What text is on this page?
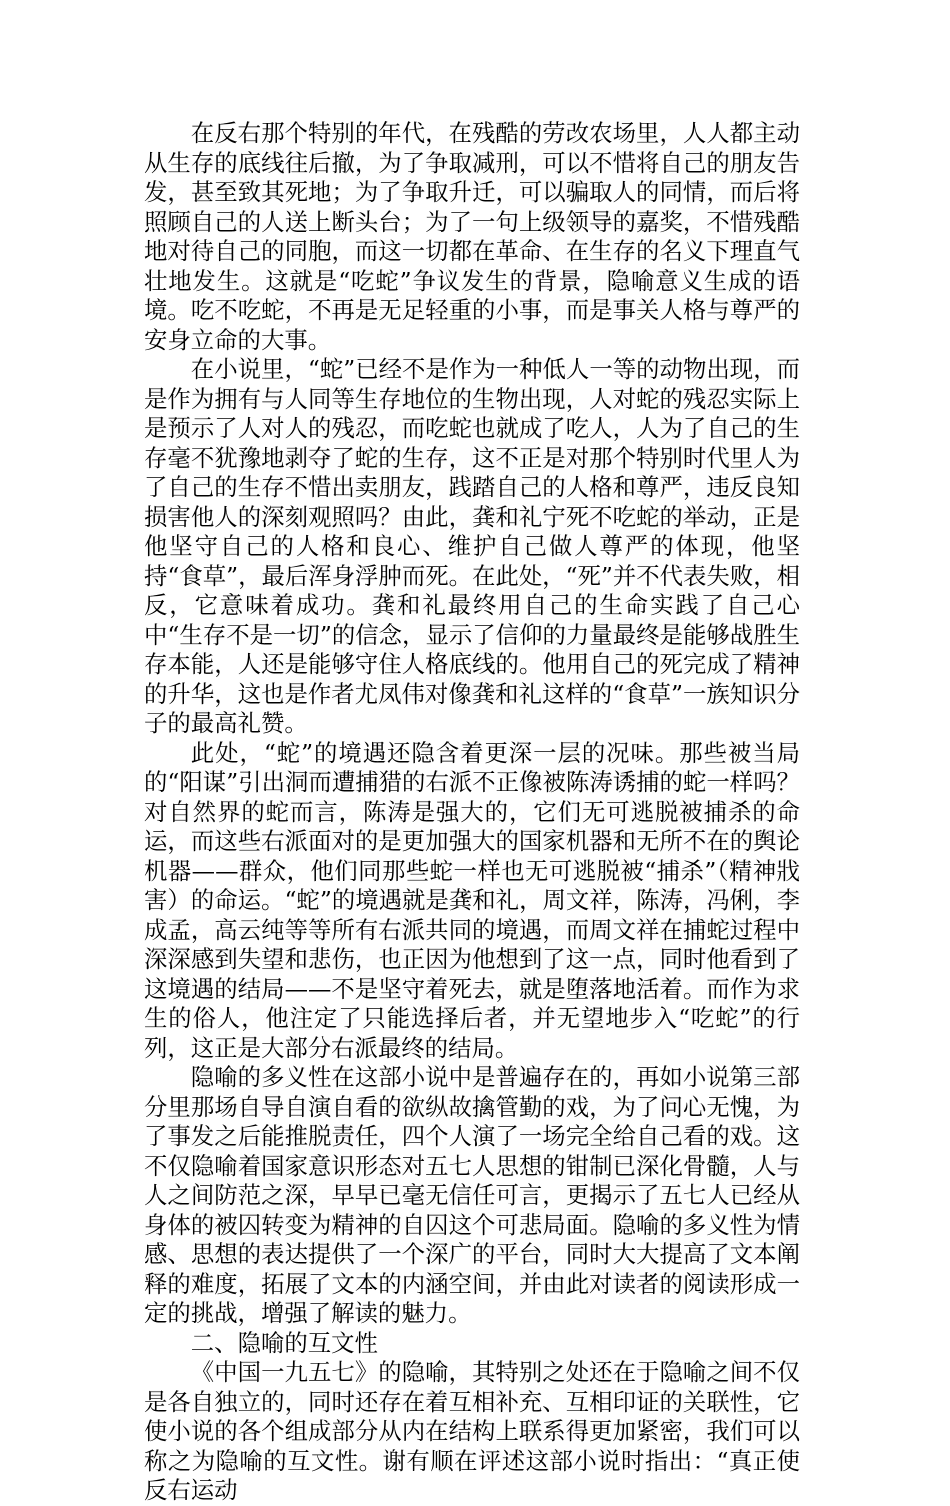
在反右那个特别的年代，在残酷的劳改农场里，人人都主动从生存的底线往后撤，为了争取减刑，可以不惜将自己的朋友告发，甚至致其死地；为了争取升迁，可以骗取人的同情，而后将照顾自己的人送上断头台；为了一句上级领导的嘉奖，不惜残酷地对待自己的同胞，而这一切都在革命、在生存的名义下理直气壮地发生。这就是“吃蛇”争议发生的背景，隐喻意义生成的语境。吃不吃蛇，不再是无足轻重的小事，而是事关人格与尊严的安身立命的大事。

在小说里，“蛇”已经不是作为一种低人一等的动物出现，而是作为拥有与人同等生存地位的生物出现，人对蛇的残忍实际上是预示了人对人的残忍，而吃蛇也就成了吃人，人为了自己的生存毫不犹豫地剥夺了蛇的生存，这不正是对那个特别时代里人为了自己的生存不惜出卖朋友，践踏自己的人格和尊严，违反良知损害他人的深刻观照吗？由此，龚和礼宁死不吃蛇的举动，正是他坚守自己的人格和良心、维护自己做人尊严的体现，他坚持“食草”，最后浑身浮肿而死。在此处，“死”并不代表失败，相反，它意味着成功。龚和礼最终用自己的生命实践了自己心中“生存不是一切”的信念，显示了信仰的力量最终是能够战胜生存本能，人还是能够守住人格底线的。他用自己的死完成了精神的升华，这也是作者尤凤伟对像龚和礼这样的“食草”一族知识分子的最高礼赞。

此处，“蛇”的境遇还隐含着更深一层的况味。那些被当局的“阳谋”引出洞而遭捕猎的右派不正像被陈涛诱捕的蛇一样吗？对自然界的蛇而言，陈涛是强大的，它们无可逃脱被捕杀的命运，而这些右派面对的是更加强大的国家机器和无所不在的舆论机器——群众，他们同那些蛇一样也无可逃脱被“捕杀”（精神戕害）的命运。“蛇”的境遇就是龚和礼，周文祥，陈涛，冯俐，李成孟，高云纯等等所有右派共同的境遇，而周文祥在捕蛇过程中深深感到失望和悲伤，也正因为他想到了这一点，同时他看到了这境遇的结局——不是坚守着死去，就是堕落地活着。而作为求生的俗人，他注定了只能选择后者，并无望地步入“吃蛇”的行列，这正是大部分右派最终的结局。

隐喻的多义性在这部小说中是普遍存在的，再如小说第三部分里那场自导自演自看的欲纵故擒管勤的戏，为了问心无愧，为了事发之后能推脱责任，四个人演了一场完全给自己看的戏。这不仅隐喻着国家意识形态对五七人思想的钳制已深化骨髓，人与人之间防范之深，早早已毫无信任可言，更揭示了五七人已经从身体的被囚转变为精神的自囚这个可悲局面。隐喻的多义性为情感、思想的表达提供了一个深广的平台，同时大大提高了文本阐释的难度，拓展了文本的内涵空间，并由此对读者的阅读形成一定的挑战，增强了解读的魅力。

二、隐喻的互文性

《中国一九五七》的隐喻，其特别之处还在于隐喻之间不仅是各自独立的，同时还存在着互相补充、互相印证的关联性，它使小说的各个组成部分从内在结构上联系得更加紧密，我们可以称之为隐喻的互文性。谢有顺在评述这部小说时指出：“真正使反右运动
